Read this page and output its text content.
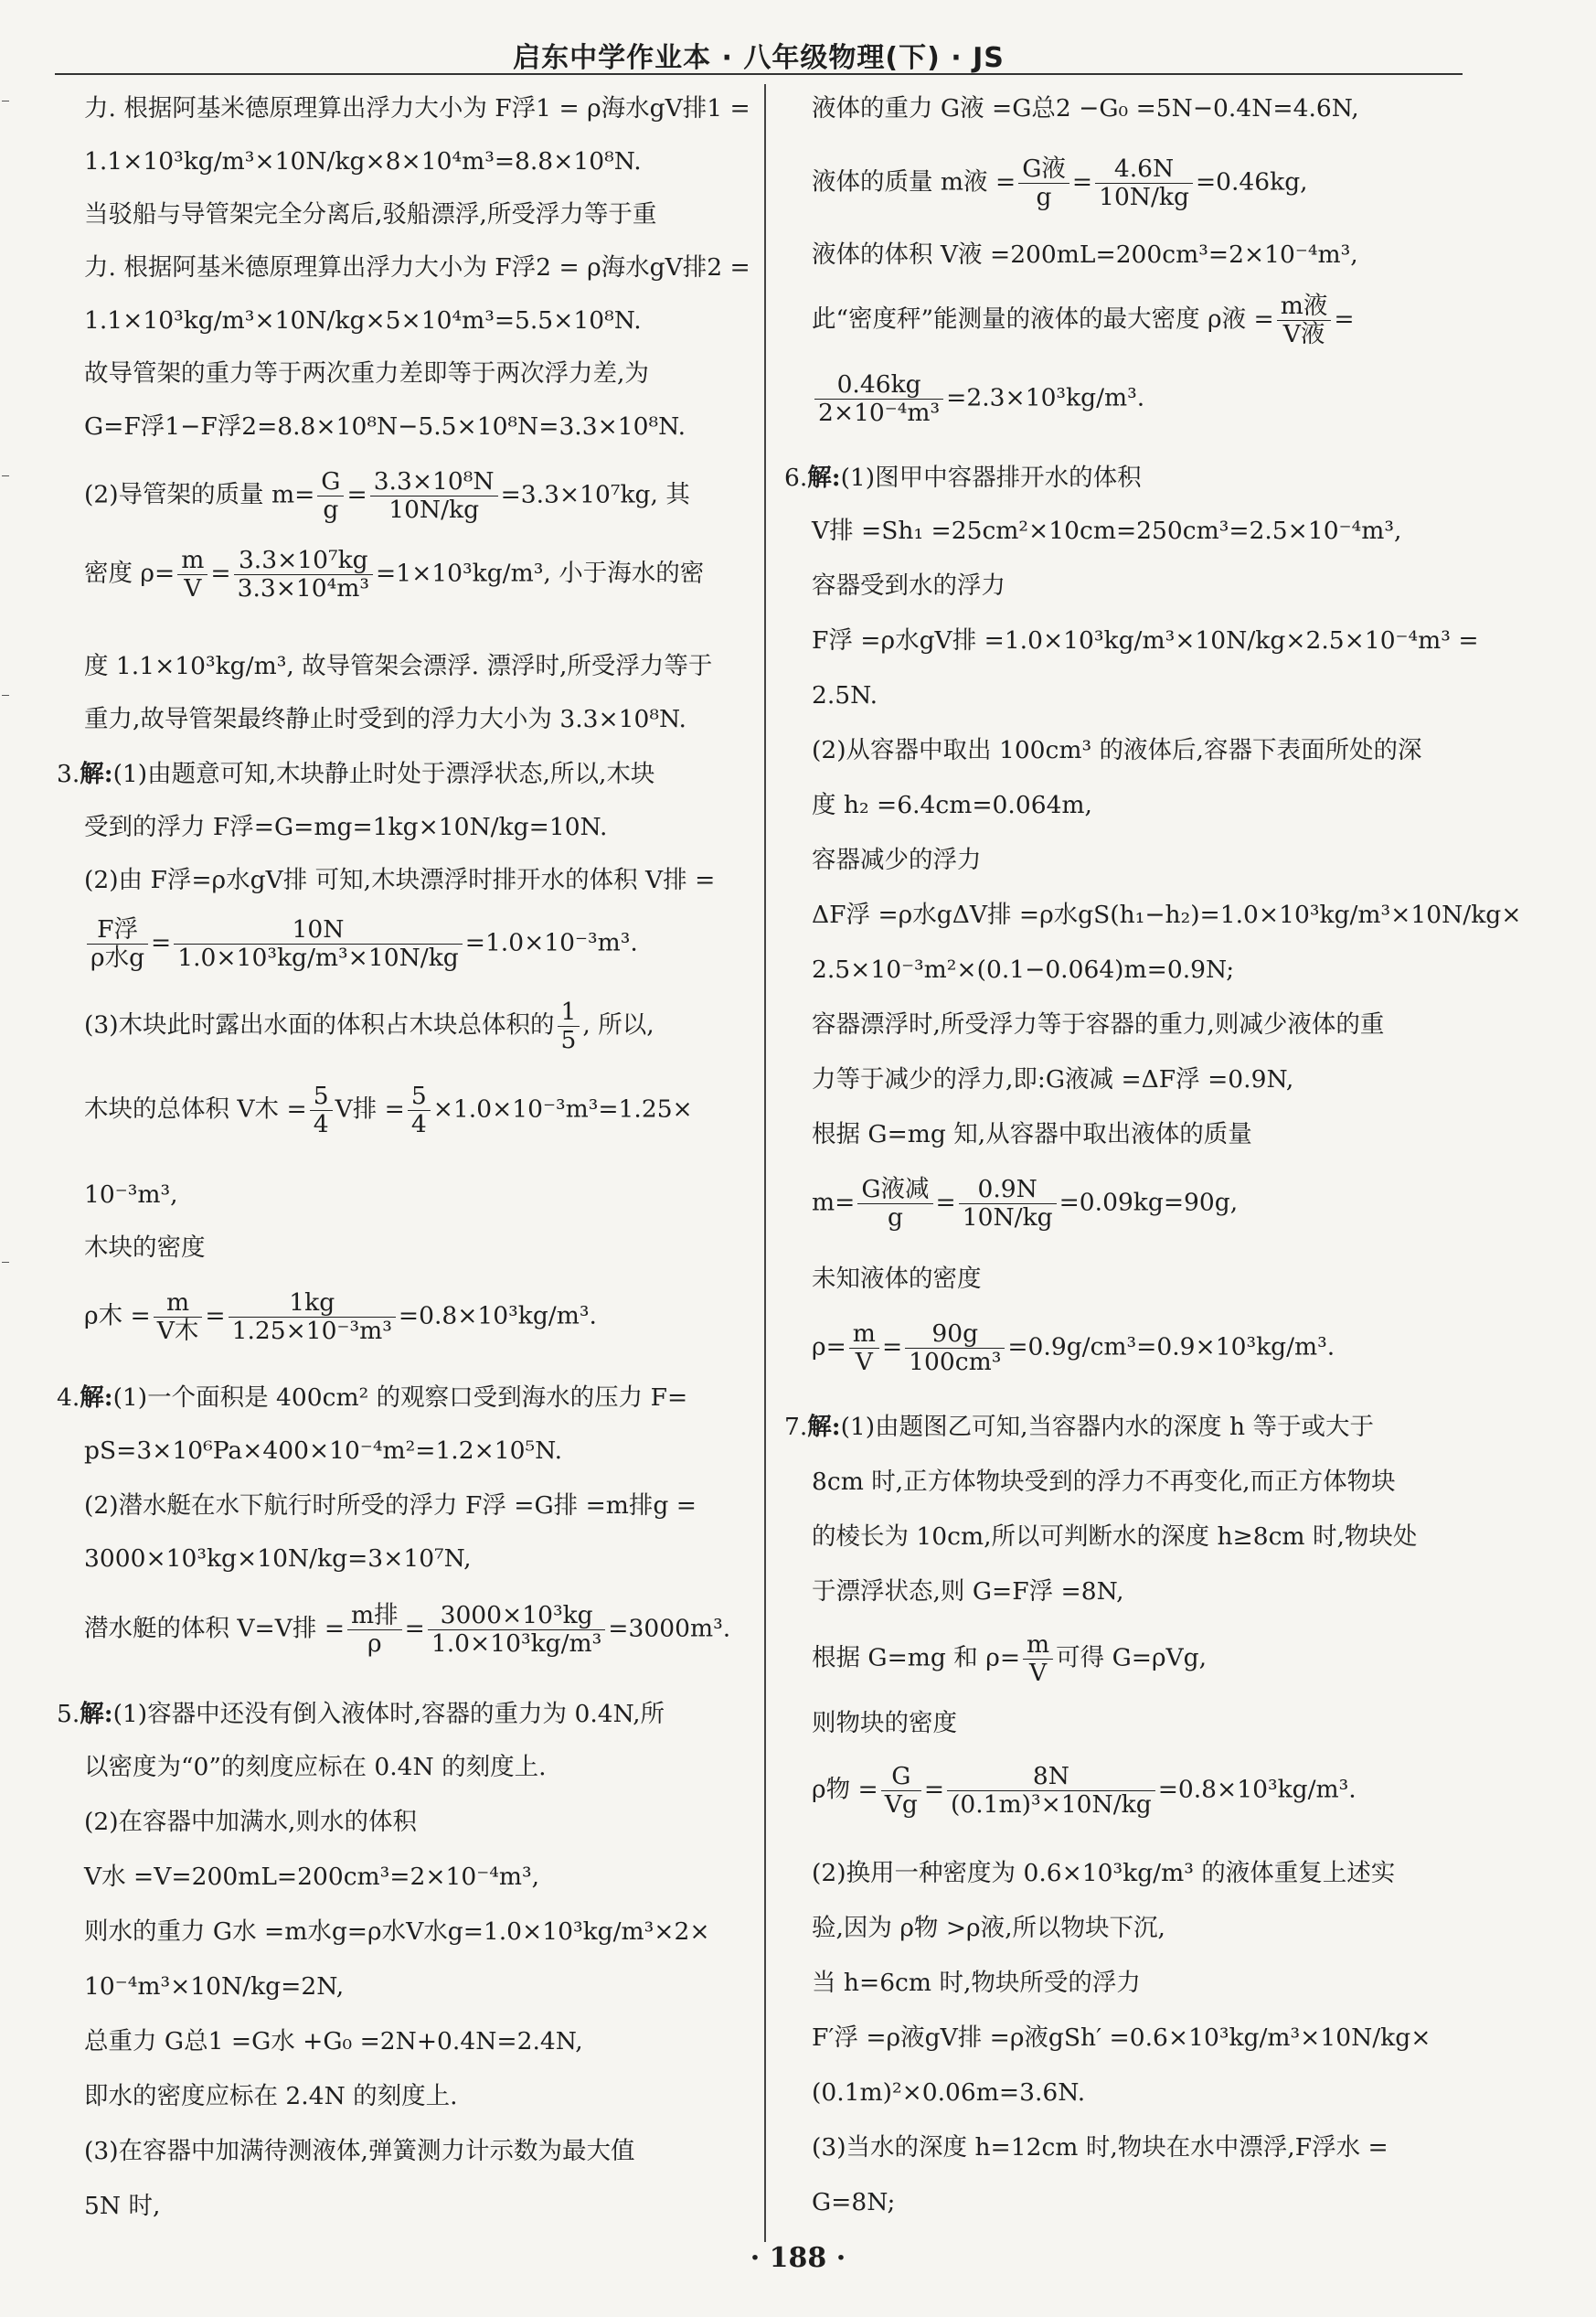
启东中学作业本 · 八年级物理(下) · JS
力. 根据阿基米德原理算出浮力大小为 F浮1 = ρ海水gV排1 =
1.1×10³kg/m³×10N/kg×8×10⁴m³=8.8×10⁸N.
当驳船与导管架完全分离后,驳船漂浮,所受浮力等于重
力. 根据阿基米德原理算出浮力大小为 F浮2 = ρ海水gV排2 =
1.1×10³kg/m³×10N/kg×5×10⁴m³=5.5×10⁸N.
故导管架的重力等于两次重力差即等于两次浮力差,为
G=F浮1−F浮2=8.8×10⁸N−5.5×10⁸N=3.3×10⁸N.
(2)导管架的质量 $m= \frac{G}{g} = \frac{\text{3.3×10⁸N}}{10N/kg} =3.3\times 10^7kg$, 其
密度 $\rho= \frac{m}{V} = \frac{\text{3.3×10⁷kg}}{\text{3.3×10⁴m³}} =1\times 10^3kg/m^3$, 小于海水的密
度 1.1×10³kg/m³, 故导管架会漂浮. 漂浮时,所受浮力等于
重力,故导管架最终静止时受到的浮力大小为 3.3×10⁸N.
3.解:(1)由题意可知,木块静止时处于漂浮状态,所以,木块
受到的浮力 F浮=G=mg=1kg×10N/kg=10N.
(2)由 F浮=ρ水gV排 可知,木块漂浮时排开水的体积 V排 =
$\frac{\text{F浮}}{\text{ρ水g}} = \frac{10N}{\text{1.0×10³kg/m³×10N/kg}} =1.0\times 10^{-3}m^3$.
(3)木块此时露出水面的体积占木块总体积的 $\frac{1}{5}$ , 所以,
木块的总体积 V木 = $\frac{5}{4}$ V排 = $\frac{5}{4} \times 1.0\times 10^{-3}m^3=1.25\times$
10⁻³m³,
木块的密度
ρ木 = $\frac{m}{\text{V木}} = \frac{1kg}{\text{1.25×10⁻³m³}} =0.8\times 10^3kg/m^3$.
4.解:(1)一个面积是 400cm² 的观察口受到海水的压力 F=
pS=3×10⁶Pa×400×10⁻⁴m²=1.2×10⁵N.
(2)潜水艇在水下航行时所受的浮力 F浮 =G排 =m排g =
3000×10³kg×10N/kg=3×10⁷N,
潜水艇的体积 V=V排 = $\frac{\text{m排}}{\rho} = \frac{\text{3000×10³kg}}{\text{1.0×10³kg/m³}} =3000m^3$.
5.解:(1)容器中还没有倒入液体时,容器的重力为 0.4N,所
以密度为“0”的刻度应标在 0.4N 的刻度上.
(2)在容器中加满水,则水的体积
V水 =V=200mL=200cm³=2×10⁻⁴m³,
则水的重力 G水 =m水g=ρ水V水g=1.0×10³kg/m³×2×
10⁻⁴m³×10N/kg=2N,
总重力 G总1 =G水 +G₀ =2N+0.4N=2.4N,
即水的密度应标在 2.4N 的刻度上.
(3)在容器中加满待测液体,弹簧测力计示数为最大值
5N 时,
液体的重力 G液 =G总2 −G₀ =5N−0.4N=4.6N,
液体的质量 m液 = $\frac{\text{G液}}{g} = \frac{4.6N}{10N/kg} =0.46kg$,
液体的体积 V液 =200mL=200cm³=2×10⁻⁴m³,
此“密度秤”能测量的液体的最大密度 ρ液 = $\frac{\text{m液}}{\text{V液}}$ =
$\frac{0.46kg}{\text{2×10⁻⁴m³}} =2.3\times 10^3kg/m^3$.
6.解:(1)图甲中容器排开水的体积
V排 =Sh₁ =25cm²×10cm=250cm³=2.5×10⁻⁴m³,
容器受到水的浮力
F浮 =ρ水gV排 =1.0×10³kg/m³×10N/kg×2.5×10⁻⁴m³ =
2.5N.
(2)从容器中取出 100cm³ 的液体后,容器下表面所处的深
度 h₂ =6.4cm=0.064m,
容器减少的浮力
ΔF浮 =ρ水gΔV排 =ρ水gS(h₁−h₂)=1.0×10³kg/m³×10N/kg×
2.5×10⁻³m²×(0.1−0.064)m=0.9N;
容器漂浮时,所受浮力等于容器的重力,则减少液体的重
力等于减少的浮力,即:G液减 =ΔF浮 =0.9N,
根据 G=mg 知,从容器中取出液体的质量
$m= \frac{\text{G液减}}{g} = \frac{0.9N}{10N/kg} =0.09kg=90g$,
未知液体的密度
$\rho= \frac{m}{V} = \frac{90g}{\text{100cm³}} =0.9g/cm^3=0.9\times 10^3kg/m^3$.
7.解:(1)由题图乙可知,当容器内水的深度 h 等于或大于
8cm 时,正方体物块受到的浮力不再变化,而正方体物块
的棱长为 10cm,所以可判断水的深度 h≥8cm 时,物块处
于漂浮状态,则 G=F浮 =8N,
根据 G=mg 和 $\rho= \frac{m}{V}$ 可得 G=ρVg,
则物块的密度
ρ物 = $\frac{G}{Vg} = \frac{8N}{\text{(0.1m)³×10N/kg}} =0.8\times 10^3kg/m^3$.
(2)换用一种密度为 0.6×10³kg/m³ 的液体重复上述实
验,因为 ρ物 >ρ液,所以物块下沉,
当 h=6cm 时,物块所受的浮力
F′浮 =ρ液gV排 =ρ液gSh′ =0.6×10³kg/m³×10N/kg×
(0.1m)²×0.06m=3.6N.
(3)当水的深度 h=12cm 时,物块在水中漂浮,F浮水 =
G=8N;
· 188 ·
